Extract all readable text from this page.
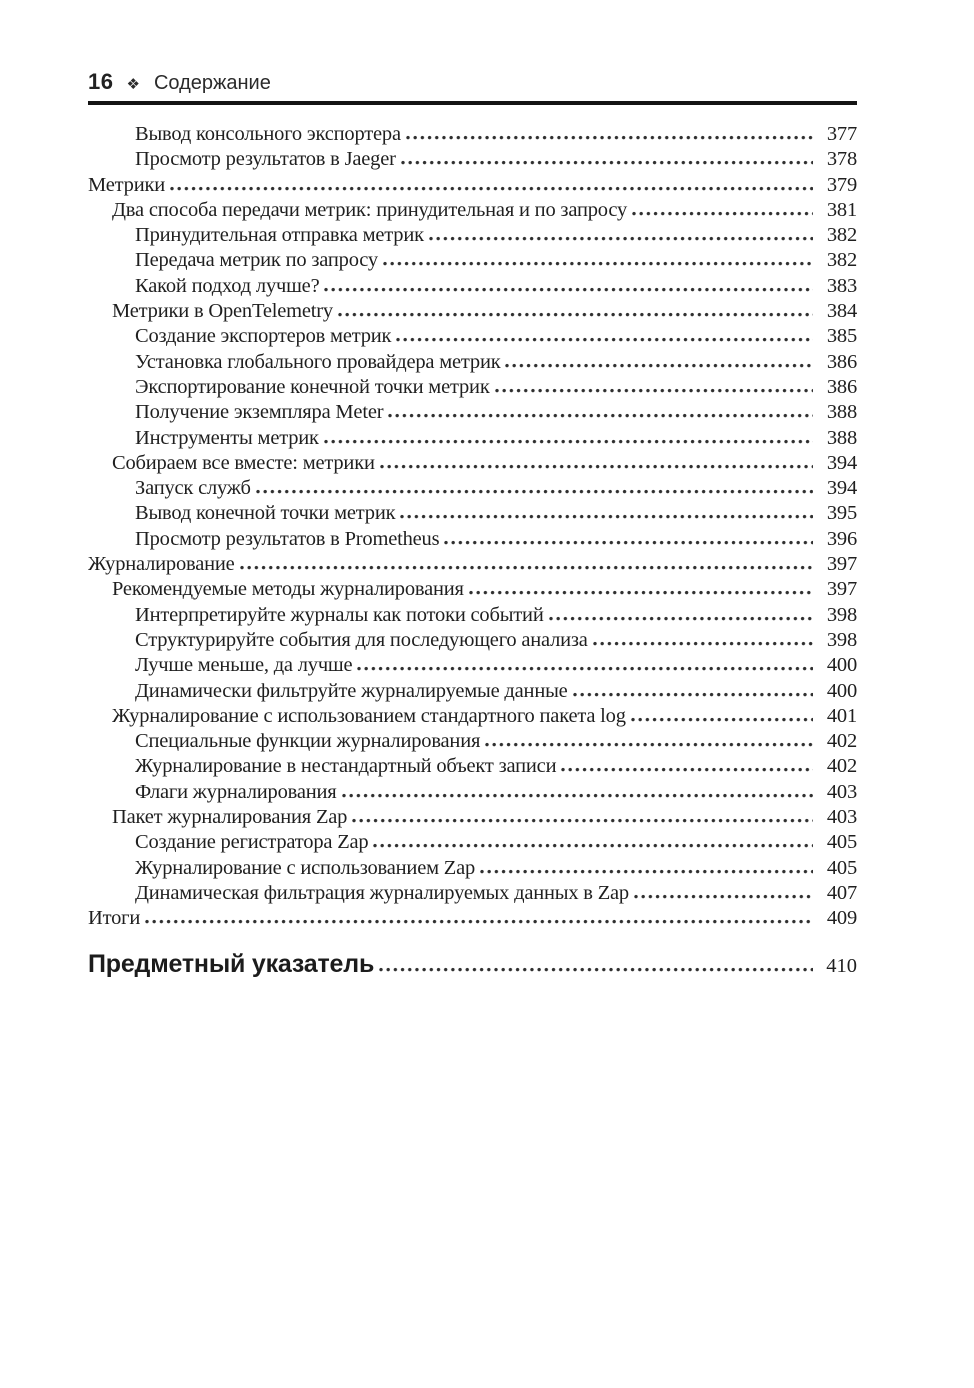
16 ❖ Содержание
Вывод консольного экспортера	377
Просмотр результатов в Jaeger	378
Метрики	379
Два способа передачи метрик: принудительная и по запросу	381
Принудительная отправка метрик	382
Передача метрик по запросу	382
Какой подход лучше?	383
Метрики в OpenTelemetry	384
Создание экспортеров метрик	385
Установка глобального провайдера метрик	386
Экспортирование конечной точки метрик	386
Получение экземпляра Meter	388
Инструменты метрик	388
Собираем все вместе: метрики	394
Запуск служб	394
Вывод конечной точки метрик	395
Просмотр результатов в Prometheus	396
Журналирование	397
Рекомендуемые методы журналирования	397
Интерпретируйте журналы как потоки событий	398
Структурируйте события для последующего анализа	398
Лучше меньше, да лучше	400
Динамически фильтруйте журналируемые данные	400
Журналирование с использованием стандартного пакета log	401
Специальные функции журналирования	402
Журналирование в нестандартный объект записи	402
Флаги журналирования	403
Пакет журналирования Zap	403
Создание регистратора Zap	405
Журналирование с использованием Zap	405
Динамическая фильтрация журналируемых данных в Zap	407
Итоги	409
Предметный указатель	410
